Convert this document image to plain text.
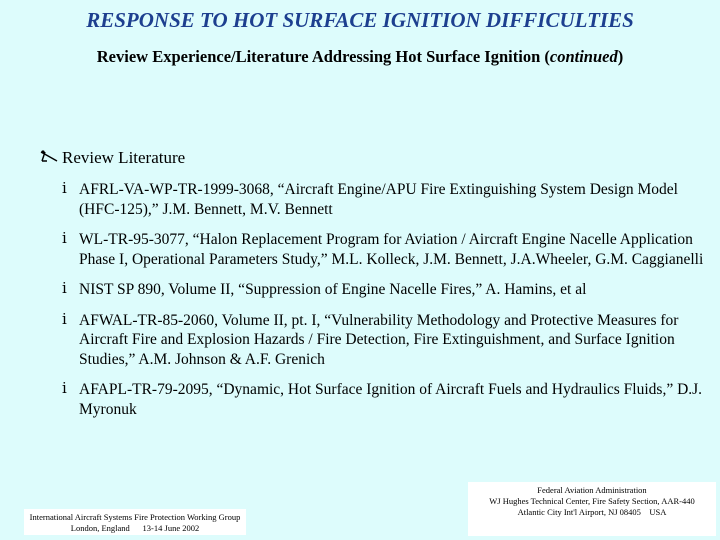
RESPONSE TO HOT SURFACE IGNITION DIFFICULTIES
Review Experience/Literature Addressing Hot Surface Ignition (continued)
Review Literature
ⅰ AFRL-VA-WP-TR-1999-3068, “Aircraft Engine/APU Fire Extinguishing System Design Model (HFC-125),” J.M. Bennett, M.V. Bennett
ⅰ WL-TR-95-3077, “Halon Replacement Program for Aviation / Aircraft Engine Nacelle Application Phase I, Operational Parameters Study,” M.L. Kolleck, J.M. Bennett, J.A.Wheeler, G.M. Caggianelli
ⅰ NIST SP 890, Volume II, “Suppression of Engine Nacelle Fires,” A. Hamins, et al
ⅰ AFWAL-TR-85-2060, Volume II, pt. I, “Vulnerability Methodology and Protective Measures for Aircraft Fire and Explosion Hazards / Fire Detection, Fire Extinguishment, and Surface Ignition Studies,” A.M. Johnson & A.F. Grenich
ⅰ AFAPL-TR-79-2095, “Dynamic, Hot Surface Ignition of Aircraft Fuels and Hydraulics Fluids,” D.J. Myronuk
International Aircraft Systems Fire Protection Working Group
London, England      13-14 June 2002
Federal Aviation Administration
WJ Hughes Technical Center, Fire Safety Section, AAR-440
Atlantic City Int'l Airport, NJ 08405    USA
